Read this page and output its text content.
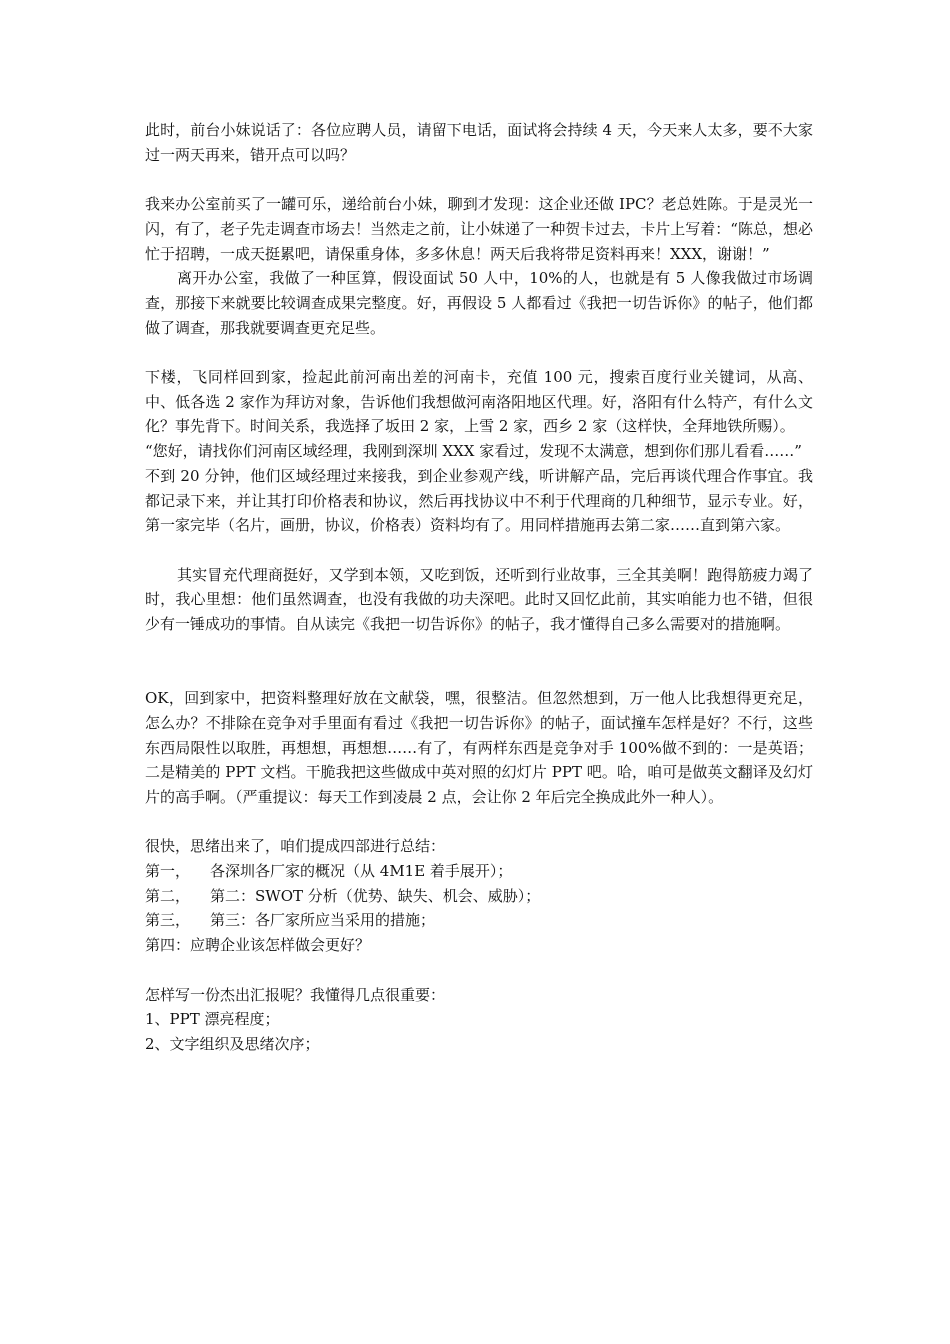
此时，前台小妹说话了：各位应聘人员，请留下电话，面试将会持续 4 天，今天来人太多，要不大家过一两天再来，错开点可以吗？

我来办公室前买了一罐可乐，递给前台小妹，聊到才发现：这企业还做 IPC？老总姓陈。于是灵光一闪，有了，老子先走调查市场去！当然走之前，让小妹递了一种贺卡过去，卡片上写着：“陈总，想必忙于招聘，一成天挺累吧，请保重身体，多多休息！两天后我将带足资料再来！XXX，谢谢！”

离开办公室，我做了一种匡算，假设面试 50 人中，10%的人，也就是有 5 人像我做过市场调查，那接下来就要比较调查成果完整度。好，再假设 5 人都看过《我把一切告诉你》的帖子，他们都做了调查，那我就要调查更充足些。

下楼，飞同样回到家，捡起此前河南出差的河南卡，充值 100 元，搜索百度行业关键词，从高、中、低各选 2 家作为拜访对象，告诉他们我想做河南洛阳地区代理。好，洛阳有什么特产，有什么文化？事先背下。时间关系，我选择了坂田 2 家，上雪 2 家，西乡 2 家（这样快，全拜地铁所赐）。

“您好，请找你们河南区域经理，我刚到深圳 XXX 家看过，发现不太满意，想到你们那儿看看……”

不到 20 分钟，他们区域经理过来接我，到企业参观产线，听讲解产品，完后再谈代理合作事宜。我都记录下来，并让其打印价格表和协议，然后再找协议中不利于代理商的几种细节，显示专业。好，第一家完毕（名片，画册，协议，价格表）资料均有了。用同样措施再去第二家……直到第六家。

其实冒充代理商挺好，又学到本领，又吃到饭，还听到行业故事，三全其美啊！跑得筋疲力竭了时，我心里想：他们虽然调查，也没有我做的功夫深吧。此时又回忆此前，其实咱能力也不错，但很少有一锤成功的事情。自从读完《我把一切告诉你》的帖子，我才懂得自己多么需要对的措施啊。

OK，回到家中，把资料整理好放在文献袋，嘿，很整洁。但忽然想到，万一他人比我想得更充足，怎么办？不排除在竞争对手里面有看过《我把一切告诉你》的帖子，面试撞车怎样是好？不行，这些东西局限性以取胜，再想想，再想想……有了，有两样东西是竞争对手 100%做不到的：一是英语；二是精美的 PPT 文档。干脆我把这些做成中英对照的幻灯片 PPT 吧。哈，咱可是做英文翻译及幻灯片的高手啊。（严重提议：每天工作到凌晨 2 点，会让你 2 年后完全换成此外一种人）。

很快，思绪出来了，咱们提成四部进行总结：

第一，	各深圳各厂家的概况（从 4M1E 着手展开）；
第二，	第二：SWOT 分析（优势、缺失、机会、威胁）；
第三，	第三：各厂家所应当采用的措施；
第四：应聘企业该怎样做会更好？

怎样写一份杰出汇报呢？我懂得几点很重要：

1、PPT 漂亮程度；

2、文字组织及思绪次序；
